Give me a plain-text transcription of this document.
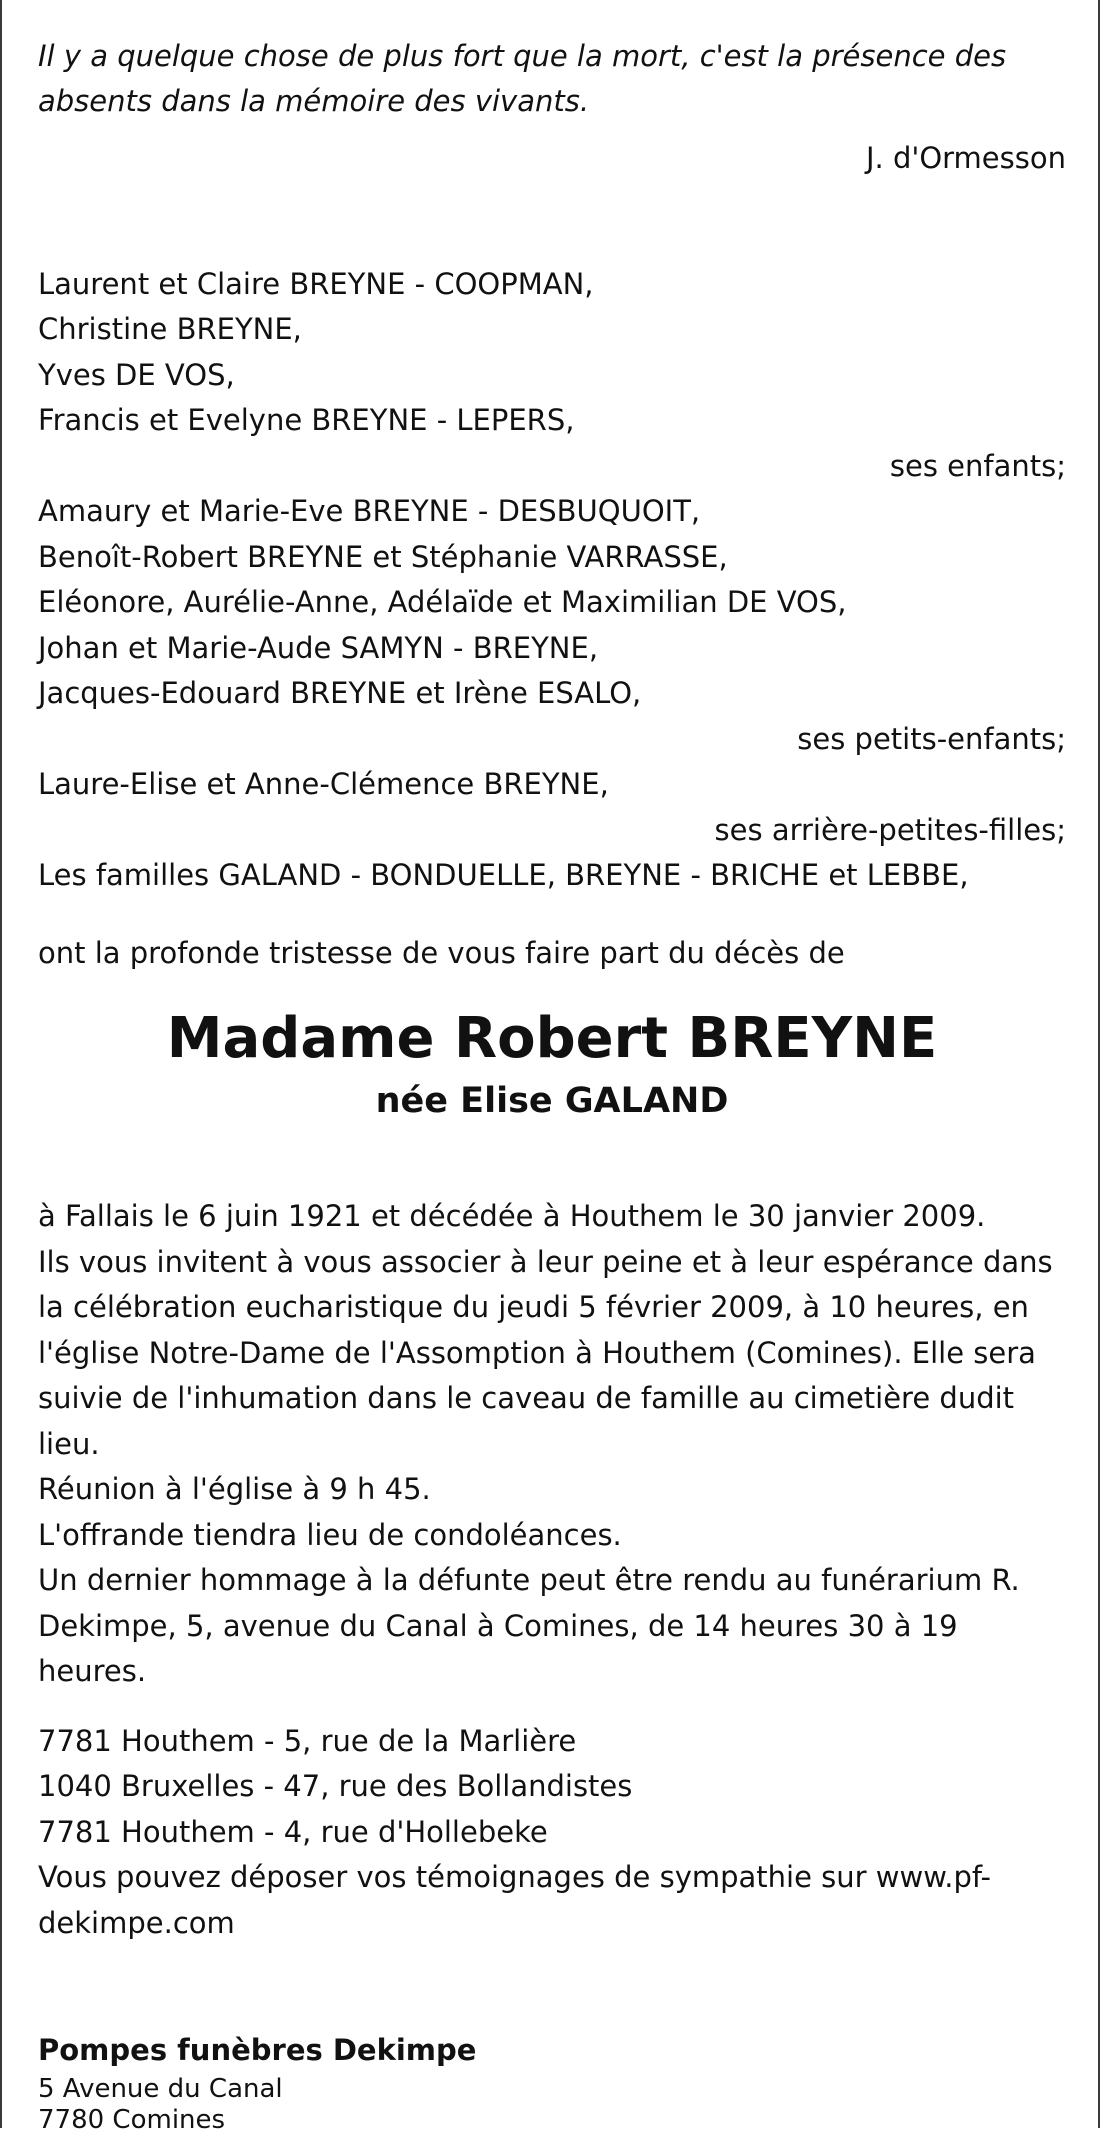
Il y a quelque chose de plus fort que la mort, c'est la présence des absents dans la mémoire des vivants.
J. d'Ormesson
Laurent et Claire BREYNE - COOPMAN,
Christine BREYNE,
Yves DE VOS,
Francis et Evelyne BREYNE - LEPERS,
ses enfants;
Amaury et Marie-Eve BREYNE - DESBUQUOIT,
Benoît-Robert BREYNE et Stéphanie VARRASSE,
Eléonore, Aurélie-Anne, Adélaïde et Maximilian DE VOS,
Johan et Marie-Aude SAMYN - BREYNE,
Jacques-Edouard BREYNE et Irène ESALO,
ses petits-enfants;
Laure-Elise et Anne-Clémence BREYNE,
ses arrière-petites-filles;
Les familles GALAND - BONDUELLE, BREYNE - BRICHE et LEBBE,
ont la profonde tristesse de vous faire part du décès de
Madame Robert BREYNE
née Elise GALAND
à Fallais le 6 juin 1921 et décédée à Houthem le 30 janvier 2009.
Ils vous invitent à vous associer à leur peine et à leur espérance dans la célébration eucharistique du jeudi 5 février 2009, à 10 heures, en l'église Notre-Dame de l'Assomption à Houthem (Comines). Elle sera suivie de l'inhumation dans le caveau de famille au cimetière dudit lieu.
Réunion à l'église à 9 h 45.
L'offrande tiendra lieu de condoléances.
Un dernier hommage à la défunte peut être rendu au funérarium R. Dekimpe, 5, avenue du Canal à Comines, de 14 heures 30 à 19 heures.
7781 Houthem - 5, rue de la Marlière
1040 Bruxelles - 47, rue des Bollandistes
7781 Houthem - 4, rue d'Hollebeke
Vous pouvez déposer vos témoignages de sympathie sur www.pf-dekimpe.com
Pompes funèbres Dekimpe
5 Avenue du Canal
7780 Comines
